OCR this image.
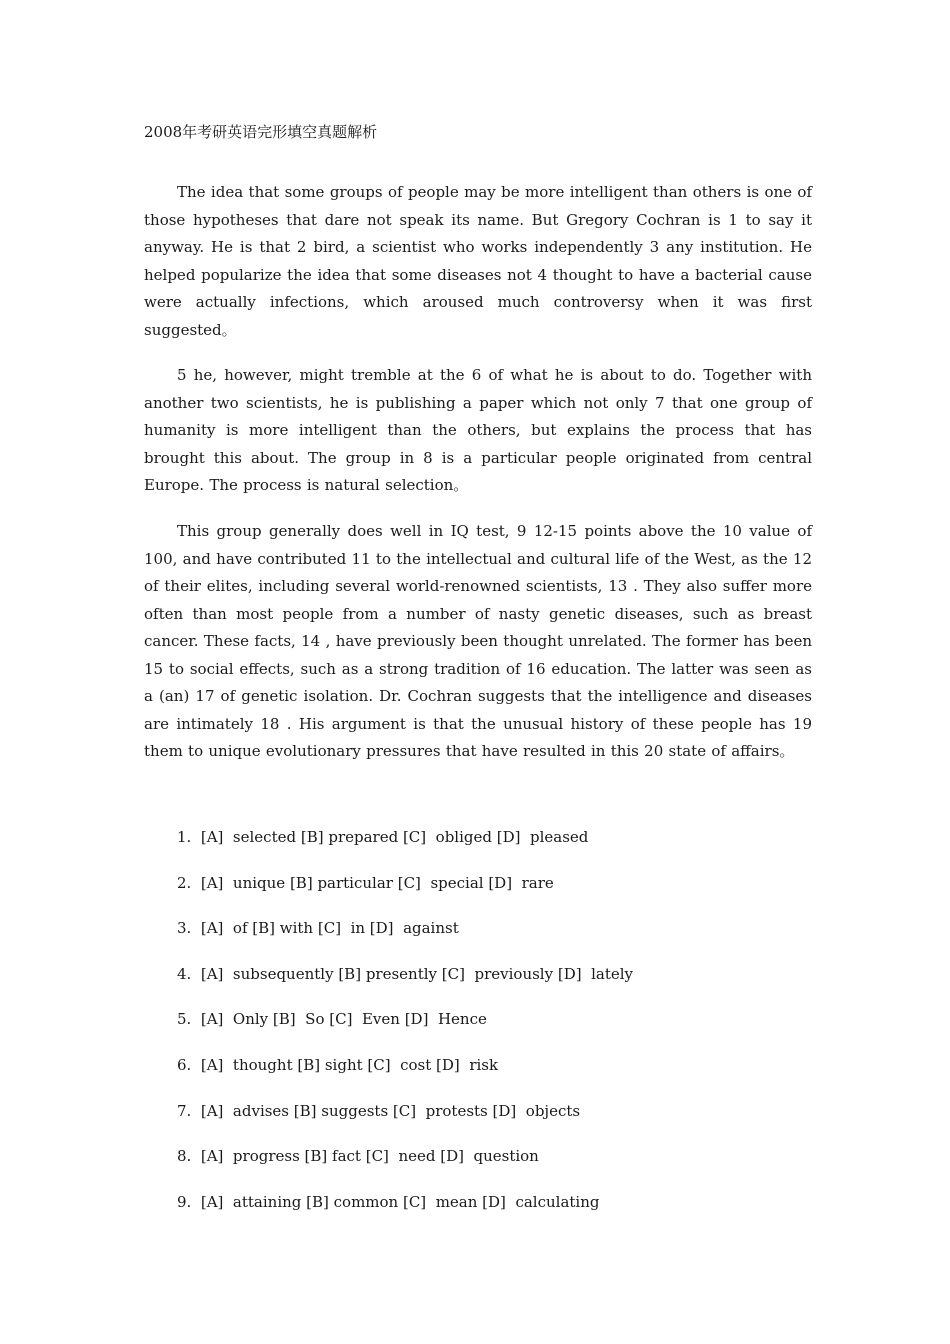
2008年考研英语完形填空真题解析

The idea that some groups of people may be more intelligent than others is one of those hypotheses that dare not speak its name. But Gregory Cochran is 1 to say it anyway. He is that 2 bird, a scientist who works independently 3 any institution. He helped popularize the idea that some diseases not 4 thought to have a bacterial cause were actually infections, which aroused much controversy when it was first suggested。

5 he, however, might tremble at the 6 of what he is about to do. Together with another two scientists, he is publishing a paper which not only 7 that one group of humanity is more intelligent than the others, but explains the process that has brought this about. The group in 8 is a particular people originated from central Europe. The process is natural selection。

This group generally does well in IQ test, 9 12-15 points above the 10 value of 100, and have contributed 11 to the intellectual and cultural life of the West, as the 12 of their elites, including several world-renowned scientists, 13 . They also suffer more often than most people from a number of nasty genetic diseases, such as breast cancer. These facts, 14 , have previously been thought unrelated. The former has been 15 to social effects, such as a strong tradition of 16 education. The latter was seen as a (an) 17 of genetic isolation. Dr. Cochran suggests that the intelligence and diseases are intimately 18 . His argument is that the unusual history of these people has 19 them to unique evolutionary pressures that have resulted in this 20 state of affairs。

1.  [A]  selected [B] prepared [C]  obliged [D]  pleased
2.  [A]  unique [B] particular [C]  special [D]  rare
3.  [A]  of [B] with [C]  in [D]  against
4.  [A]  subsequently [B] presently [C]  previously [D]  lately
5.  [A]  Only [B]  So [C]  Even [D]  Hence
6.  [A]  thought [B] sight [C]  cost [D]  risk
7.  [A]  advises [B] suggests [C]  protests [D]  objects
8.  [A]  progress [B] fact [C]  need [D]  question
9.  [A]  attaining [B] common [C]  mean [D]  calculating
